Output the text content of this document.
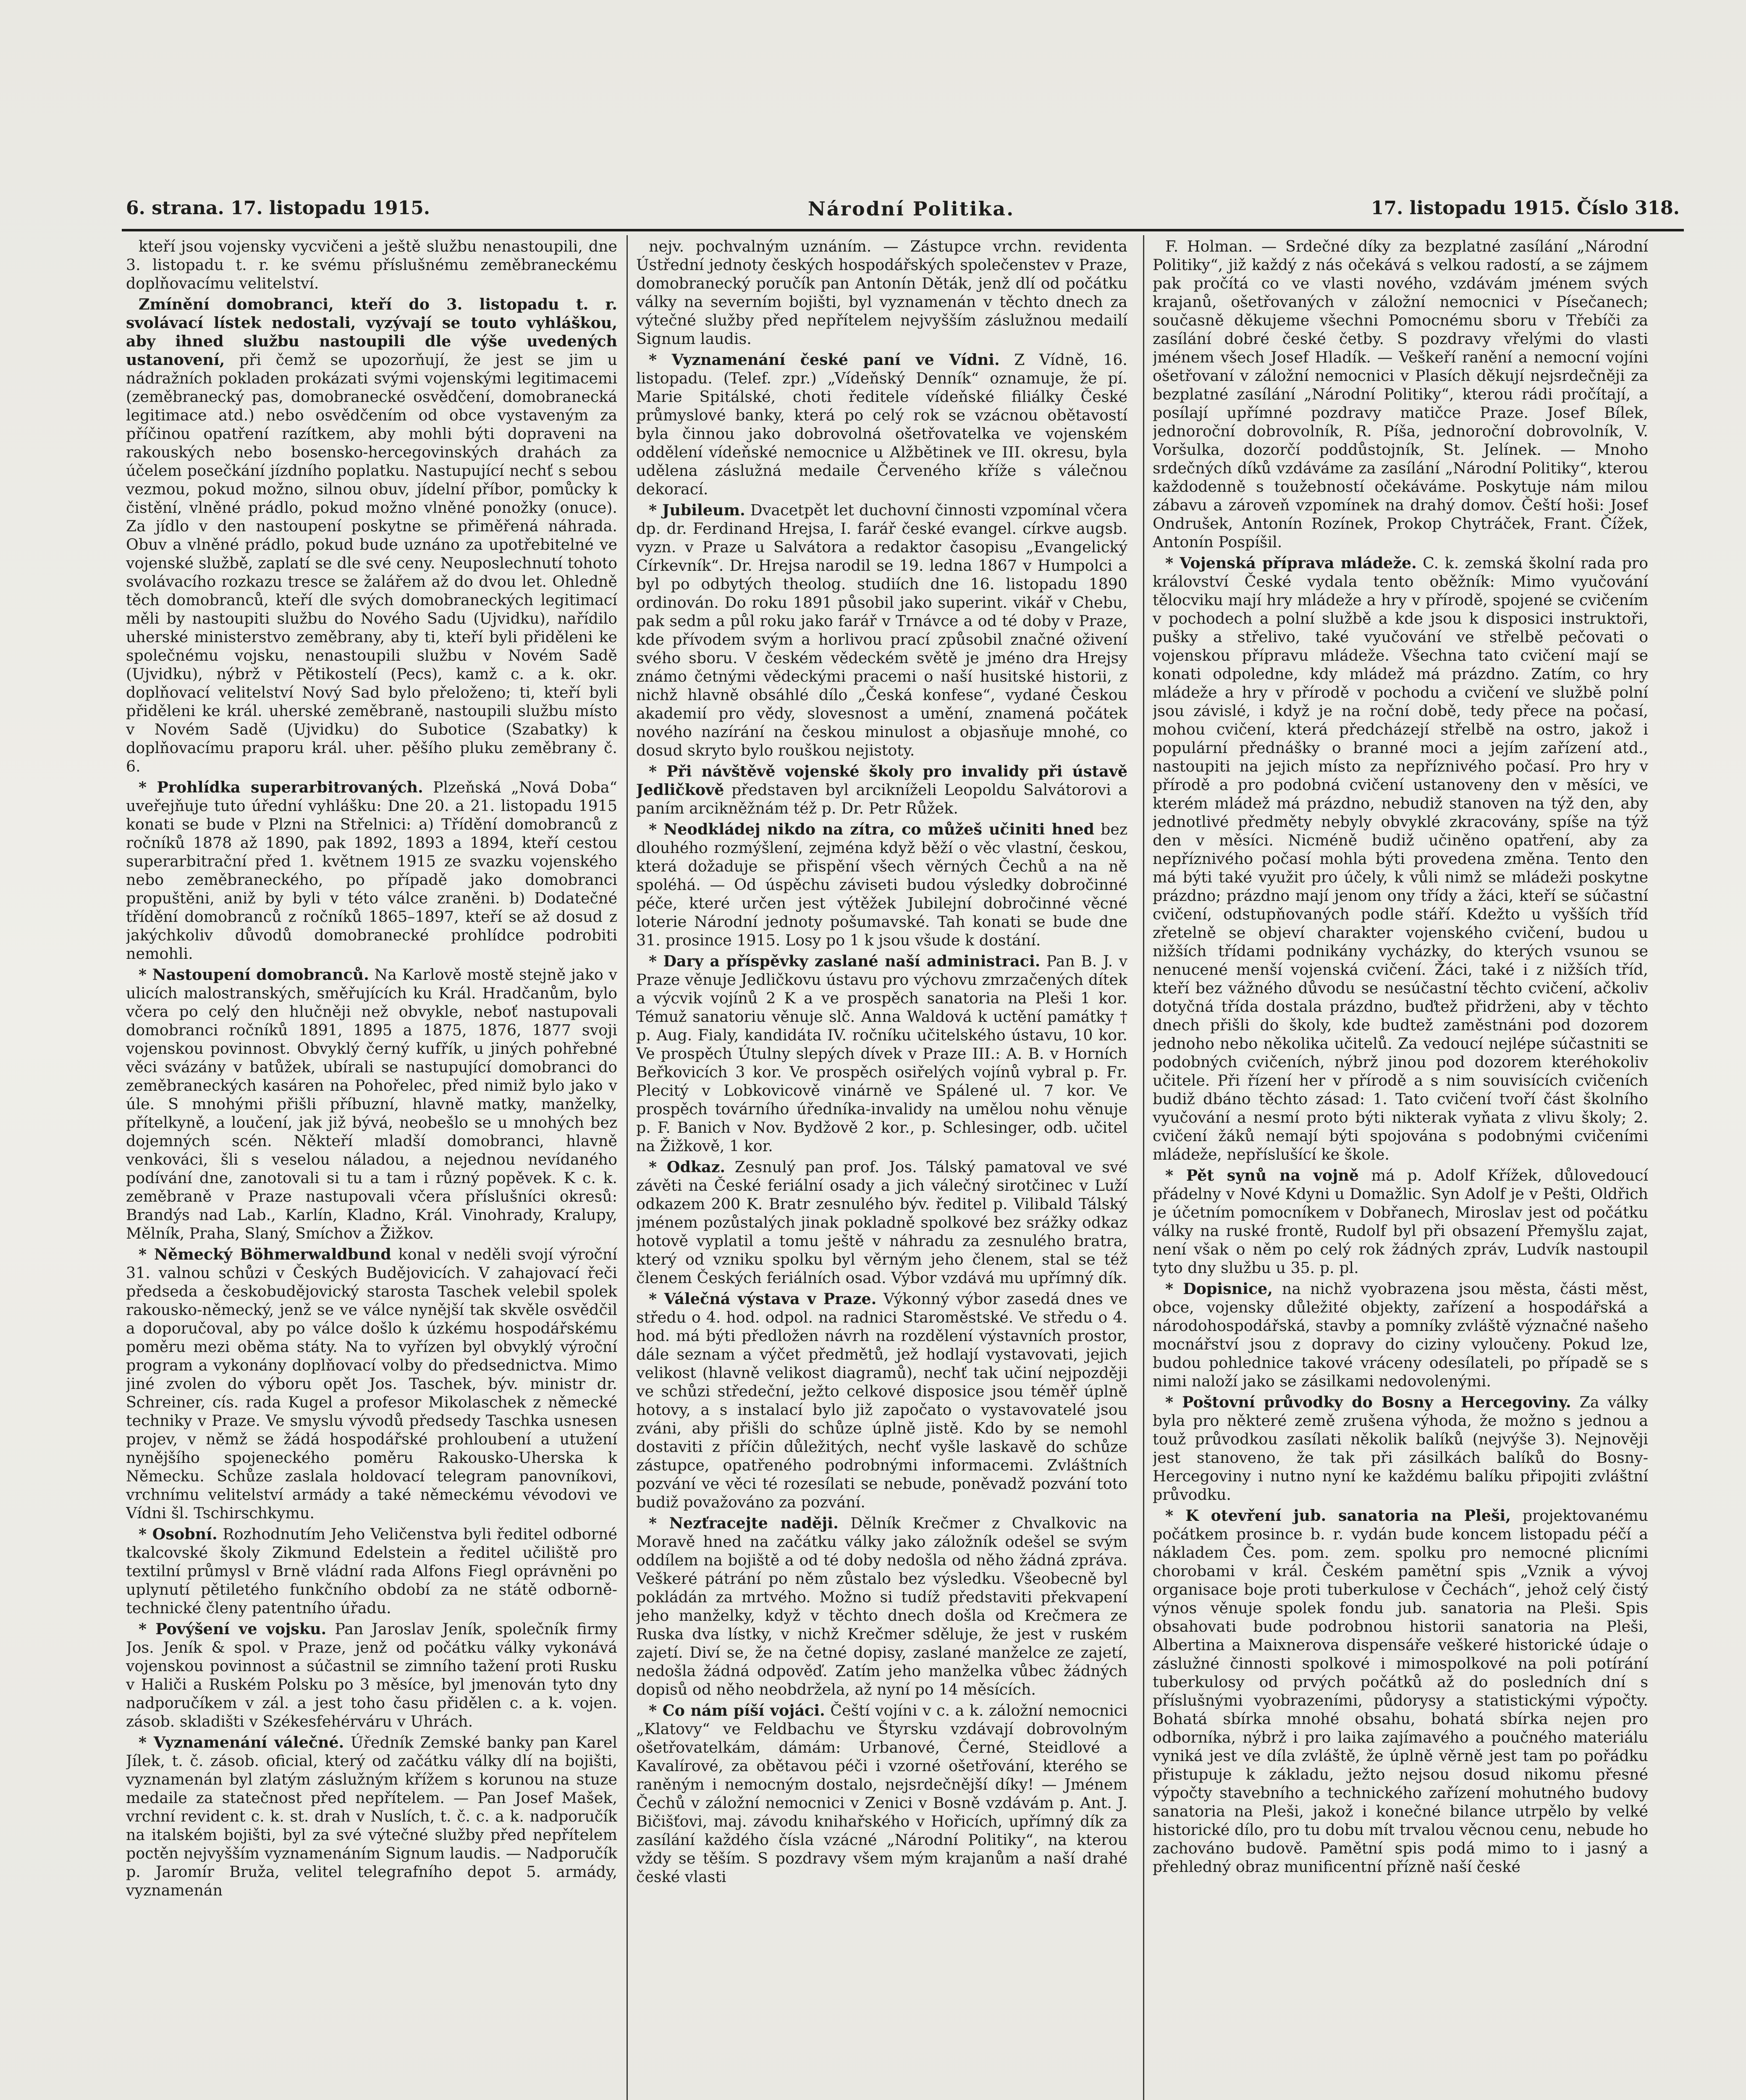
6. strana. 17. listopadu 1915.	Národní Politika.	17. listopadu 1915. Číslo 318.

kteří jsou vojensky vycvičeni a ještě službu nenastoupili, dne 3. listopadu t. r. ke svému příslušnému zeměbraneckému doplňovacímu velitelství.

Zmínění domobranci, kteří do 3. listopadu t. r. svolávací lístek nedostali, vyzývají se touto vyhláškou, aby ihned službu nastoupili dle výše uvedených ustanovení, při čemž se upozorňují, že jest se jim u nádražních pokladen prokázati svými vojenskými legitimacemi (zeměbranecký pas, domobranecké osvědčení, domobranecká legitimace atd.) nebo osvědčením od obce vystaveným za příčinou opatření razítkem, aby mohli býti dopraveni na rakouských nebo bosensko-hercegovinských drahách za účelem posečkání jízdního poplatku. Nastupující nechť s sebou vezmou, pokud možno, silnou obuv, jídelní příbor, pomůcky k čistění, vlněné prádlo, pokud možno vlněné ponožky (onuce). Za jídlo v den nastoupení poskytne se přiměřená náhrada. Obuv a vlněné prádlo, pokud bude uznáno za upotřebitelné ve vojenské službě, zaplatí se dle své ceny. Neuposlechnutí tohoto svolávacího rozkazu tresce se žalářem až do dvou let. Ohledně těch domobranců, kteří dle svých domobraneckých legitimací měli by nastoupiti službu do Nového Sadu (Ujvidku), nařídilo uherské ministerstvo zeměbrany, aby ti, kteří byli přiděleni ke společnému vojsku, nenastoupili službu v Novém Sadě (Ujvidku), nýbrž v Pětikostelí (Pecs), kamž c. a k. okr. doplňovací velitelství Nový Sad bylo přeloženo; ti, kteří byli přiděleni ke král. uherské zeměbraně, nastoupili službu místo v Novém Sadě (Ujvidku) do Subotice (Szabatky) k doplňovacímu praporu král. uher. pěšího pluku zeměbrany č. 6.

* Prohlídka superarbitrovaných. Plzeňská „Nová Doba“ uveřejňuje tuto úřední vyhlášku: Dne 20. a 21. listopadu 1915 konati se bude v Plzni na Střelnici: a) Třídění domobranců z ročníků 1878 až 1890, pak 1892, 1893 a 1894, kteří cestou superarbitrační před 1. květnem 1915 ze svazku vojenského nebo zeměbraneckého, po případě jako domobranci propuštěni, aniž by byli v této válce zraněni. b) Dodatečné třídění domobranců z ročníků 1865–1897, kteří se až dosud z jakýchkoliv důvodů domobranecké prohlídce podrobiti nemohli.

* Nastoupení domobranců. Na Karlově mostě stejně jako v ulicích malostranských, směřujících ku Král. Hradčanům, bylo včera po celý den hlučněji než obvykle, neboť nastupovali domobranci ročníků 1891, 1895 a 1875, 1876, 1877 svoji vojenskou povinnost. Obvyklý černý kufřík, u jiných pohřebné věci svázány v batůžek, ubírali se nastupující domobranci do zeměbraneckých kasáren na Pohořelec, před nimiž bylo jako v úle. S mnohými přišli příbuzní, hlavně matky, manželky, přítelkyně, a loučení, jak již bývá, neobešlo se u mnohých bez dojemných scén. Někteří mladší domobranci, hlavně venkováci, šli s veselou náladou, a nejednou nevídaného podívání dne, zanotovali si tu a tam i různý popěvek. K c. k. zeměbraně v Praze nastupovali včera příslušníci okresů: Brandýs nad Lab., Karlín, Kladno, Král. Vinohrady, Kralupy, Mělník, Praha, Slaný, Smíchov a Žižkov.

* Německý Böhmerwaldbund konal v neděli svojí výroční 31. valnou schůzi v Českých Budějovicích. V zahajovací řeči předseda a českobudějovický starosta Taschek velebil spolek rakousko-německý, jenž se ve válce nynější tak skvěle osvědčil a doporučoval, aby po válce došlo k úzkému hospodářskému poměru mezi oběma státy. Na to vyřízen byl obvyklý výroční program a vykonány doplňovací volby do předsednictva. Mimo jiné zvolen do výboru opět Jos. Taschek, býv. ministr dr. Schreiner, cís. rada Kugel a profesor Mikolaschek z německé techniky v Praze. Ve smyslu vývodů předsedy Taschka usnesen projev, v němž se žádá hospodářské prohloubení a utužení nynějšího spojeneckého poměru Rakousko-Uherska k Německu. Schůze zaslala holdovací telegram panovníkovi, vrchnímu velitelství armády a také německému vévodovi ve Vídni šl. Tschirschkymu.

* Osobní. Rozhodnutím Jeho Veličenstva byli ředitel odborné tkalcovské školy Zikmund Edelstein a ředitel učiliště pro textilní průmysl v Brně vládní rada Alfons Fiegl oprávněni po uplynutí pětiletého funkčního období za ne státě odborně-technické členy patentního úřadu.

* Povýšení ve vojsku. Pan Jaroslav Jeník, společník firmy Jos. Jeník & spol. v Praze, jenž od počátku války vykonává vojenskou povinnost a súčastnil se zimního tažení proti Rusku v Haliči a Ruském Polsku po 3 měsíce, byl jmenován tyto dny nadporučíkem v zál. a jest toho času přidělen c. a k. vojen. zásob. skladišti v Székesfehérváru v Uhrách.

* Vyznamenání válečné. Úředník Zemské banky pan Karel Jílek, t. č. zásob. oficial, který od začátku války dlí na bojišti, vyznamenán byl zlatým záslužným křížem s korunou na stuze medaile za statečnost před nepřítelem. — Pan Josef Mašek, vrchní revident c. k. st. drah v Nuslích, t. č. c. a k. nadporučík na italském bojišti, byl za své výtečné služby před nepřítelem poctěn nejvyšším vyznamenáním Signum laudis. — Nadporučík p. Jaromír Bruža, velitel telegrafního depot 5. armády, vyznamenán

nejv. pochvalným uznáním. — Zástupce vrchn. revidenta Ústřední jednoty českých hospodářských společenstev v Praze, domobranecký poručík pan Antonín Děták, jenž dlí od počátku války na severním bojišti, byl vyznamenán v těchto dnech za výtečné služby před nepřítelem nejvyšším záslužnou medailí Signum laudis.

* Vyznamenání české paní ve Vídni. Z Vídně, 16. listopadu. (Telef. zpr.) „Vídeňský Denník“ oznamuje, že pí. Marie Spitálské, choti ředitele vídeňské filiálky České průmyslové banky, která po celý rok se vzácnou obětavostí byla činnou jako dobrovolná ošetřovatelka ve vojenském oddělení vídeňské nemocnice u Alžbětinek ve III. okresu, byla udělena záslužná medaile Červeného kříže s válečnou dekorací.

* Jubileum. Dvacetpět let duchovní činnosti vzpomínal včera dp. dr. Ferdinand Hrejsa, I. farář české evangel. církve augsb. vyzn. v Praze u Salvátora a redaktor časopisu „Evangelický Církevník“. Dr. Hrejsa narodil se 19. ledna 1867 v Humpolci a byl po odbytých theolog. studiích dne 16. listopadu 1890 ordinován. Do roku 1891 působil jako superint. vikář v Chebu, pak sedm a půl roku jako farář v Trnávce a od té doby v Praze, kde přívodem svým a horlivou prací způsobil značné oživení svého sboru. V českém vědeckém světě je jméno dra Hrejsy známo četnými vědeckými pracemi o naší husitské historii, z nichž hlavně obsáhlé dílo „Česká konfese“, vydané Českou akademií pro vědy, slovesnost a umění, znamená počátek nového nazírání na českou minulost a objasňuje mnohé, co dosud skryto bylo rouškou nejistoty.

* Při návštěvě vojenské školy pro invalidy při ústavě Jedličkově představen byl arcikníželi Leopoldu Salvátorovi a paním arcikněžnám též p. Dr. Petr Růžek.

* Neodkládej nikdo na zítra, co můžeš učiniti hned bez dlouhého rozmýšlení, zejména když běží o věc vlastní, českou, která dožaduje se přispění všech věrných Čechů a na ně spoléhá. — Od úspěchu záviseti budou výsledky dobročinné péče, které určen jest výtěžek Jubilejní dobročinné věcné loterie Národní jednoty pošumavské. Tah konati se bude dne 31. prosince 1915. Losy po 1 k jsou všude k dostání.

* Dary a příspěvky zaslané naší administraci. Pan B. J. v Praze věnuje Jedličkovu ústavu pro výchovu zmrzačených dítek a výcvik vojínů 2 K a ve prospěch sanatoria na Pleši 1 kor. Témuž sanatoriu věnuje slč. Anna Waldová k uctění památky † p. Aug. Fialy, kandidáta IV. ročníku učitelského ústavu, 10 kor. Ve prospěch Útulny slepých dívek v Praze III.: A. B. v Horních Beřkovicích 3 kor. Ve prospěch osiřelých vojínů vybral p. Fr. Plecitý v Lobkovicově vinárně ve Spálené ul. 7 kor. Ve prospěch továrního úředníka-invalidy na umělou nohu věnuje p. F. Banich v Nov. Bydžově 2 kor., p. Schlesinger, odb. učitel na Žižkově, 1 kor.

* Odkaz. Zesnulý pan prof. Jos. Tálský pamatoval ve své závěti na České feriální osady a jich válečný sirotčinec v Luží odkazem 200 K. Bratr zesnulého býv. ředitel p. Vilibald Tálský jménem pozůstalých jinak pokladně spolkové bez srážky odkaz hotově vyplatil a tomu ještě v náhradu za zesnulého bratra, který od vzniku spolku byl věrným jeho členem, stal se též členem Českých feriálních osad. Výbor vzdává mu upřímný dík.

* Válečná výstava v Praze. Výkonný výbor zasedá dnes ve středu o 4. hod. odpol. na radnici Staroměstské. Ve středu o 4. hod. má býti předložen návrh na rozdělení výstavních prostor, dále seznam a výčet předmětů, jež hodlají vystavovati, jejich velikost (hlavně velikost diagramů), nechť tak učiní nejpozději ve schůzi středeční, ježto celkové disposice jsou téměř úplně hotovy, a s instalací bylo již započato o vystavovatelé jsou zváni, aby přišli do schůze úplně jistě. Kdo by se nemohl dostaviti z příčin důležitých, nechť vyšle laskavě do schůze zástupce, opatřeného podrobnými informacemi. Zvláštních pozvání ve věci té rozesílati se nebude, poněvadž pozvání toto budiž považováno za pozvání.

* Nezťracejte naději. Dělník Krečmer z Chvalkovic na Moravě hned na začátku války jako záložník odešel se svým oddílem na bojiště a od té doby nedošla od něho žádná zpráva. Veškeré pátrání po něm zůstalo bez výsledku. Všeobecně byl pokládán za mrtvého. Možno si tudíž představiti překvapení jeho manželky, když v těchto dnech došla od Krečmera ze Ruska dva lístky, v nichž Krečmer sděluje, že jest v ruském zajetí. Diví se, že na četné dopisy, zaslané manželce ze zajetí, nedošla žádná odpověď. Zatím jeho manželka vůbec žádných dopisů od něho neobdržela, až nyní po 14 měsících.

* Co nám píší vojáci. Čeští vojíni v c. a k. záložní nemocnici „Klatovy“ ve Feldbachu ve Štyrsku vzdávají dobrovolným ošetřovatelkám, dámám: Urbanové, Černé, Steidlové a Kavalírové, za obětavou péči i vzorné ošetřování, kterého se raněným i nemocným dostalo, nejsrdečnější díky! — Jménem Čechů v záložní nemocnici v Zenici v Bosně vzdávám p. Ant. J. Bičišťovi, maj. závodu knihařského v Hořicích, upřímný dík za zasílání každého čísla vzácné „Národní Politiky“, na kterou vždy se těším. S pozdravy všem mým krajanům a naší drahé české vlasti

F. Holman. — Srdečné díky za bezplatné zasílání „Národní Politiky“, již každý z nás očekává s velkou radostí, a se zájmem pak pročítá co ve vlasti nového, vzdávám jménem svých krajanů, ošetřovaných v záložní nemocnici v Písečanech; současně děkujeme všechni Pomocnému sboru v Třebíči za zasílání dobré české četby. S pozdravy vřelými do vlasti jménem všech Josef Hladík. — Veškeří ranění a nemocní vojíni ošetřovaní v záložní nemocnici v Plasích děkují nejsrdečněji za bezplatné zasílání „Národní Politiky“, kterou rádi pročítají, a posílají upřímné pozdravy matičce Praze. Josef Bílek, jednoroční dobrovolník, R. Píša, jednoroční dobrovolník, V. Voršulka, dozorčí poddůstojník, St. Jelínek. — Mnoho srdečných díků vzdáváme za zasílání „Národní Politiky“, kterou každodenně s toužebností očekáváme. Poskytuje nám milou zábavu a zároveň vzpomínek na drahý domov. Čeští hoši: Josef Ondrušek, Antonín Rozínek, Prokop Chytráček, Frant. Čížek, Antonín Pospíšil.

* Vojenská příprava mládeže. C. k. zemská školní rada pro království České vydala tento oběžník: Mimo vyučování tělocviku mají hry mládeže a hry v přírodě, spojené se cvičením v pochodech a polní službě a kde jsou k disposici instruktoři, pušky a střelivo, také vyučování ve střelbě pečovati o vojenskou přípravu mládeže. Všechna tato cvičení mají se konati odpoledne, kdy mládež má prázdno. Zatím, co hry mládeže a hry v přírodě v pochodu a cvičení ve službě polní jsou závislé, i když je na roční době, tedy přece na počasí, mohou cvičení, která předcházejí střelbě na ostro, jakož i populární přednášky o branné moci a jejím zařízení atd., nastoupiti na jejich místo za nepříznivého počasí. Pro hry v přírodě a pro podobná cvičení ustanoveny den v měsíci, ve kterém mládež má prázdno, nebudiž stanoven na týž den, aby jednotlivé předměty nebyly obvyklé zkracovány, spíše na týž den v měsíci. Nicméně budiž učiněno opatření, aby za nepříznivého počasí mohla býti provedena změna. Tento den má býti také využit pro účely, k vůli nimž se mládeži poskytne prázdno; prázdno mají jenom ony třídy a žáci, kteří se súčastní cvičení, odstupňovaných podle stáří. Kdežto u vyšších tříd zřetelně se objeví charakter vojenského cvičení, budou u nižších třídami podnikány vycházky, do kterých vsunou se nenucené menší vojenská cvičení. Žáci, také i z nižších tříd, kteří bez vážného důvodu se nesúčastní těchto cvičení, ačkoliv dotyčná třída dostala prázdno, buďtež přidrženi, aby v těchto dnech přišli do školy, kde budtež zaměstnáni pod dozorem jednoho nebo několika učitelů. Za vedoucí nejlépe súčastniti se podobných cvičeních, nýbrž jinou pod dozorem kteréhokoliv učitele. Při řízení her v přírodě a s nim souvisících cvičeních budiž dbáno těchto zásad: 1. Tato cvičení tvoří část školního vyučování a nesmí proto býti nikterak vyňata z vlivu školy; 2. cvičení žáků nemají býti spojována s podobnými cvičeními mládeže, nepříslušící ke škole.

* Pět synů na vojně má p. Adolf Křížek, důlovedoucí přádelny v Nové Kdyni u Domažlic. Syn Adolf je v Pešti, Oldřich je účetním pomocníkem v Dobřanech, Miroslav jest od počátku války na ruské frontě, Rudolf byl při obsazení Přemyšlu zajat, není však o něm po celý rok žádných zpráv, Ludvík nastoupil tyto dny službu u 35. p. pl.

* Dopisnice, na nichž vyobrazena jsou města, části měst, obce, vojensky důležité objekty, zařízení a hospodářská a národohospodářská, stavby a pomníky zvláště význačné našeho mocnářství jsou z dopravy do ciziny vyloučeny. Pokud lze, budou pohlednice takové vráceny odesílateli, po případě se s nimi naloží jako se zásilkami nedovolenými.

* Poštovní průvodky do Bosny a Hercegoviny. Za války byla pro některé země zrušena výhoda, že možno s jednou a touž průvodkou zasílati několik balíků (nejvýše 3). Nejnověji jest stanoveno, že tak při zásilkách balíků do Bosny-Hercegoviny i nutno nyní ke každému balíku připojiti zvláštní průvodku.

* K otevření jub. sanatoria na Pleši, projektovanému počátkem prosince b. r. vydán bude koncem listopadu péčí a nákladem Čes. pom. zem. spolku pro nemocné plicními chorobami v král. Českém pamětní spis „Vznik a vývoj organisace boje proti tuberkulose v Čechách“, jehož celý čistý výnos věnuje spolek fondu jub. sanatoria na Pleši. Spis obsahovati bude podrobnou historii sanatoria na Pleši, Albertina a Maixnerova dispensáře veškeré historické údaje o záslužné činnosti spolkové i mimospolkové na poli potírání tuberkulosy od prvých počátků až do posledních dní s příslušnými vyobrazeními, půdorysy a statistickými výpočty. Bohatá sbírka mnohé obsahu, bohatá sbírka nejen pro odborníka, nýbrž i pro laika zajímavého a poučného materiálu vyniká jest ve díla zvláště, že úplně věrně jest tam po pořádku přistupuje k základu, ježto nejsou dosud nikomu přesné výpočty stavebního a technického zařízení mohutného budovy sanatoria na Pleši, jakož i konečné bilance utrpělo by velké historické dílo, pro tu dobu mít trvalou věcnou cenu, nebude ho zachováno budově. Pamětní spis podá mimo to i jasný a přehledný obraz munificentní přízně naší české
